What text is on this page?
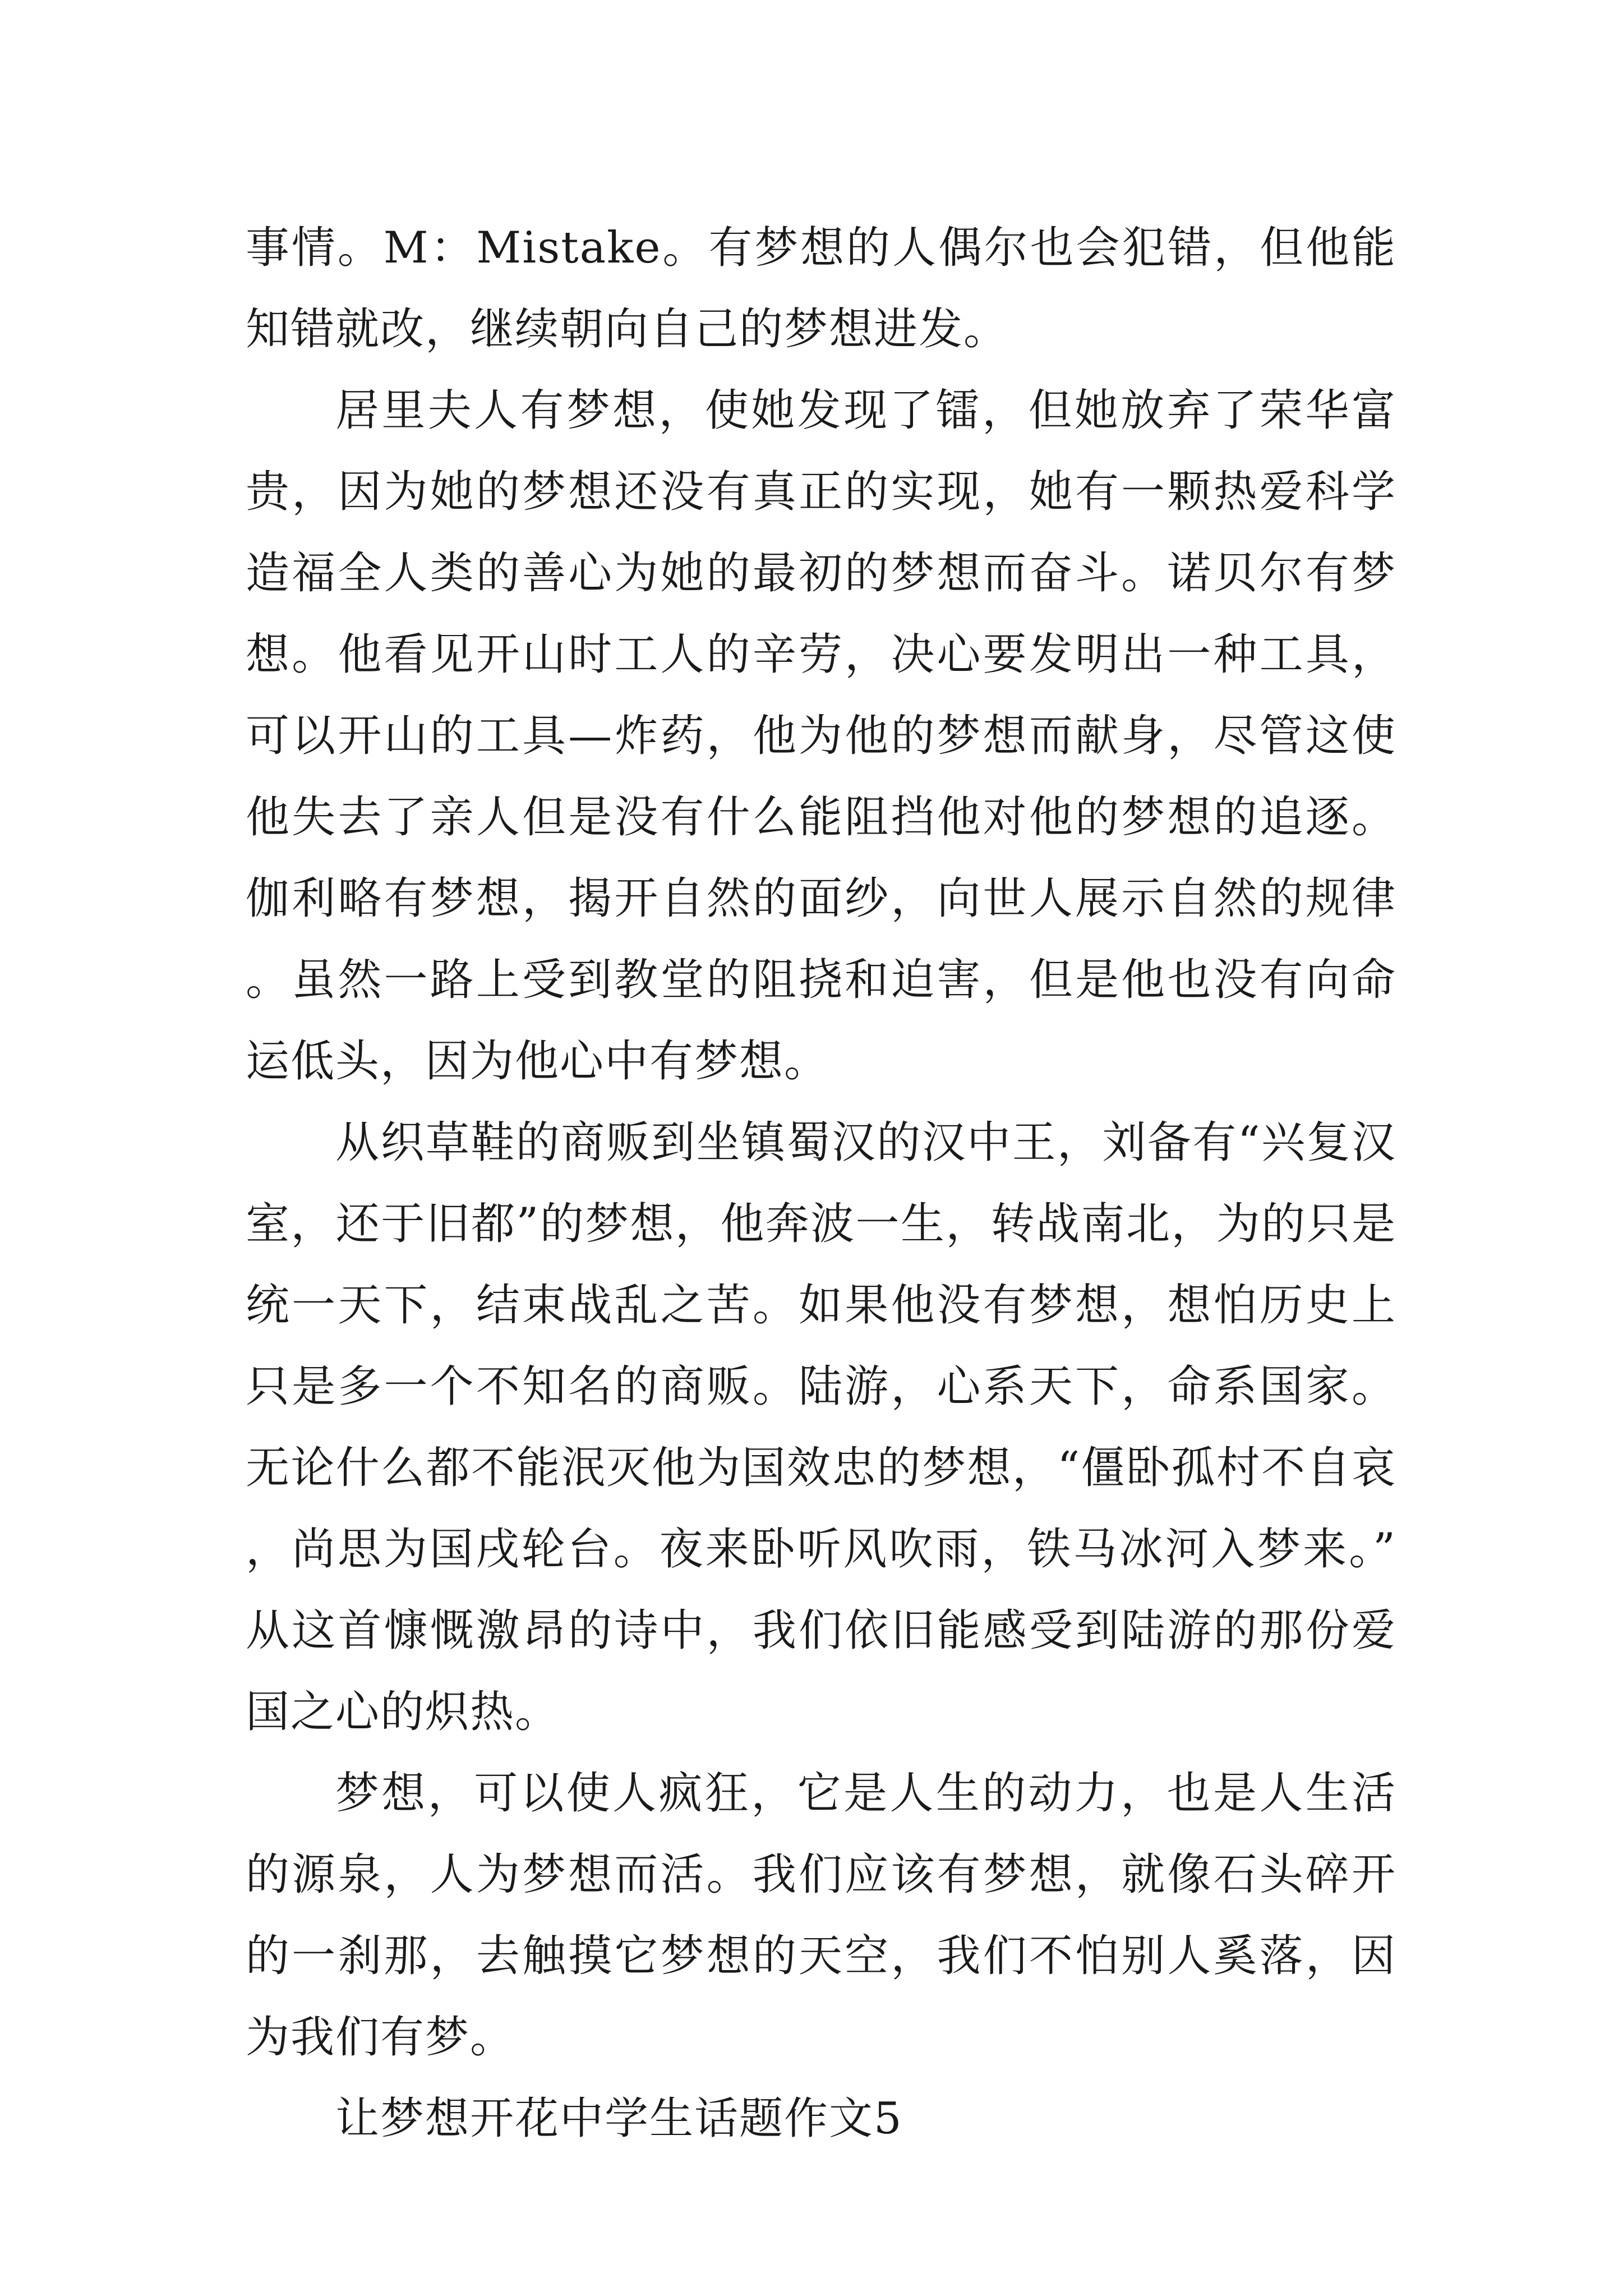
事情。M：Mistake。有梦想的人偶尔也会犯错，但他能知错就改，继续朝向自己的梦想进发。

居里夫人有梦想，使她发现了镭，但她放弃了荣华富贵，因为她的梦想还没有真正的实现，她有一颗热爱科学造福全人类的善心为她的最初的梦想而奋斗。诺贝尔有梦想。他看见开山时工人的辛劳，决心要发明出一种工具，可以开山的工具—炸药，他为他的梦想而献身，尽管这使他失去了亲人但是没有什么能阻挡他对他的梦想的追逐。伽利略有梦想，揭开自然的面纱，向世人展示自然的规律。虽然一路上受到教堂的阻挠和迫害，但是他也没有向命运低头，因为他心中有梦想。

从织草鞋的商贩到坐镇蜀汉的汉中王，刘备有“兴复汉室，还于旧都”的梦想，他奔波一生，转战南北，为的只是统一天下，结束战乱之苦。如果他没有梦想，想怕历史上只是多一个不知名的商贩。陆游，心系天下，命系国家。无论什么都不能泯灭他为国效忠的梦想，“僵卧孤村不自哀，尚思为国戌轮台。夜来卧听风吹雨，铁马冰河入梦来。”从这首慷慨激昂的诗中，我们依旧能感受到陆游的那份爱国之心的炽热。

梦想，可以使人疯狂，它是人生的动力，也是人生活的源泉，人为梦想而活。我们应该有梦想，就像石头碎开的一刹那，去触摸它梦想的天空，我们不怕别人奚落，因为我们有梦。

让梦想开花中学生话题作文5
